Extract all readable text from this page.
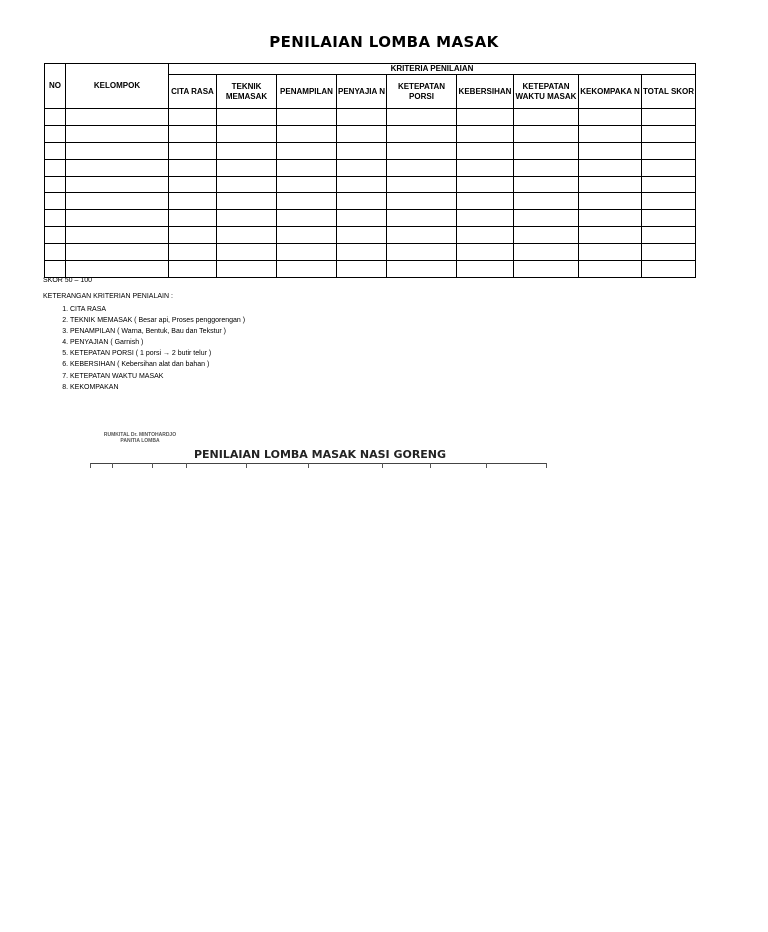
PENILAIAN LOMBA MASAK
NO	KELOMPOK	KRITERIA PENILAIAN								
		CITA RASA	TEKNIK MEMASAK	PENAMPILAN	PENYAJIA N	KETEPATAN PORSI	KEBERSIHAN	KETEPATAN WAKTU MASAK	KEKOMPAKA N	TOTAL SKOR

SKOR 50 – 100
KETERANGAN KRITERIAN PENIALAIN :
1. CITA RASA
2. TEKNIK MEMASAK ( Besar api, Proses penggorengan )
3. PENAMPILAN ( Warna, Bentuk, Bau dan Tekstur )
4. PENYAJIAN ( Garnish )
5. KETEPATAN PORSI ( 1 porsi → 2 butir telur )
6. KEBERSIHAN ( Kebersihan alat dan bahan )
7. KETEPATAN WAKTU MASAK
8. KEKOMPAKAN
RUMKITAL Dr. MINTOHARDJO
PANITIA LOMBA
PENILAIAN LOMBA MASAK NASI GORENG
